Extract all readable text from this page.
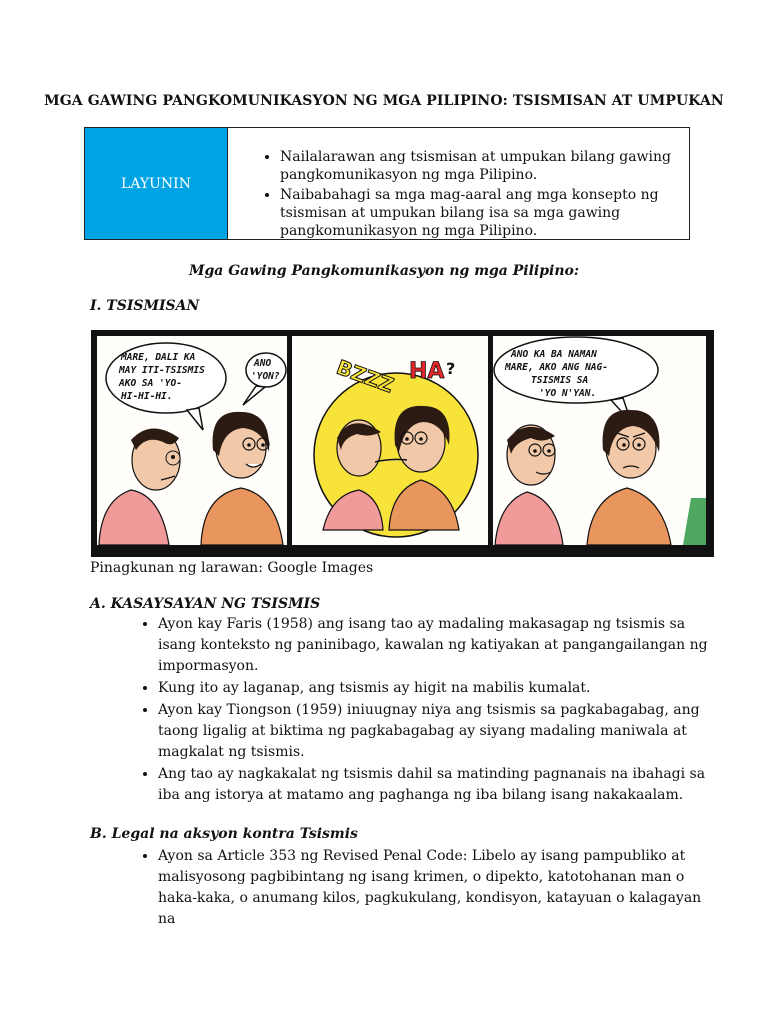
MGA GAWING PANGKOMUNIKASYON NG MGA PILIPINO: TSISMISAN AT UMPUKAN
LAYUNIN
• Nailalarawan ang tsismisan at umpukan bilang gawing pangkomunikasyon ng mga Pilipino.
• Naibabahagi sa mga mag-aaral ang mga konsepto ng tsismisan at umpukan bilang isa sa mga gawing pangkomunikasyon ng mga Pilipino.
Mga Gawing Pangkomunikasyon ng mga Pilipino:
I. TSISMISAN
MARE, DALI KA
MAY ITI-TSISMIS
AKO SA 'YO-
HI-HI-HI.
ANO
'YON?	BZZZ HA ?
ANO KA BA NAMAN
MARE, AKO ANG NAG-
TSISMIS SA
'YO N'YAN.
Pinagkunan ng larawan: Google Images
A. KASAYSAYAN NG TSISMIS
• Ayon kay Faris (1958) ang isang tao ay madaling makasagap ng tsismis sa isang konteksto ng paninibago, kawalan ng katiyakan at pangangailangan ng impormasyon.
• Kung ito ay laganap, ang tsismis ay higit na mabilis kumalat.
• Ayon kay Tiongson (1959) iniuugnay niya ang tsismis sa pagkabagabag, ang taong ligalig at biktima ng pagkabagabag ay siyang madaling maniwala at magkalat ng tsismis.
• Ang tao ay nagkakalat ng tsismis dahil sa matinding pagnanais na ibahagi sa iba ang istorya at matamo ang paghanga ng iba bilang isang nakakaalam.
B. Legal na aksyon kontra Tsismis
• Ayon sa Article 353 ng Revised Penal Code: Libelo ay isang pampubliko at malisyosong pagbibintang ng isang krimen, o dipekto, katotohanan man o haka-kaka, o anumang kilos, pagkukulang, kondisyon, katayuan o kalagayan na
